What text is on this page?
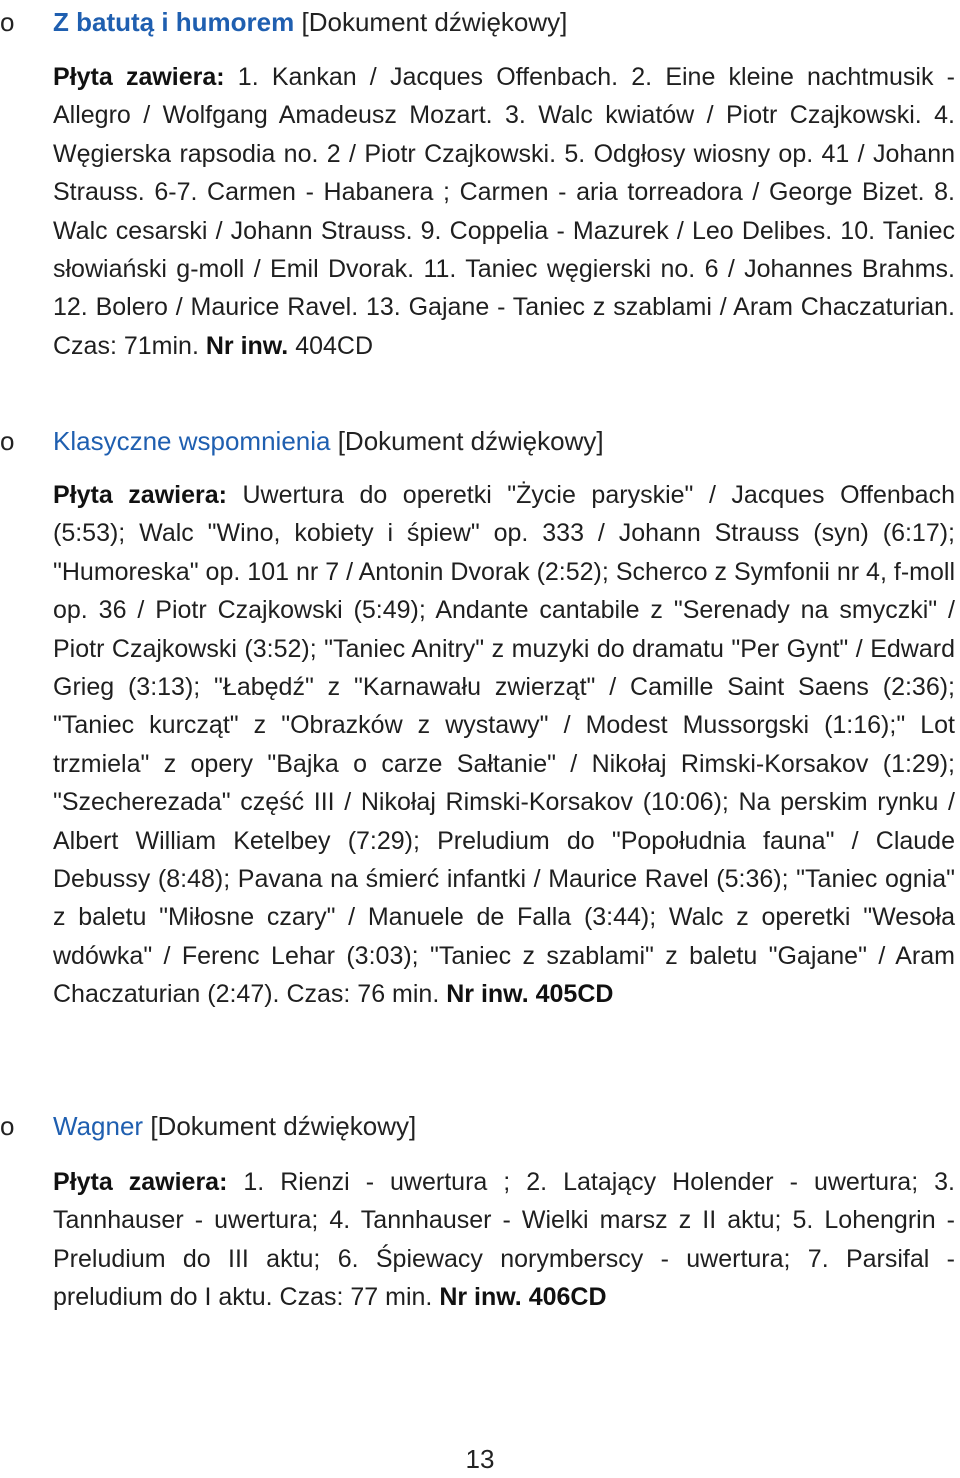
o Z batutą i humorem [Dokument dźwiękowy]
Płyta zawiera: 1. Kankan / Jacques Offenbach. 2. Eine kleine nachtmusik - Allegro / Wolfgang Amadeusz Mozart. 3. Walc kwiatów / Piotr Czajkowski. 4. Węgierska rapsodia no. 2 / Piotr Czajkowski. 5. Odgłosy wiosny op. 41 / Johann Strauss. 6-7. Carmen - Habanera ; Carmen - aria torreadora / George Bizet. 8. Walc cesarski / Johann Strauss. 9. Coppelia - Mazurek / Leo Delibes. 10. Taniec słowiański g-moll / Emil Dvorak. 11. Taniec węgierski no. 6 / Johannes Brahms. 12. Bolero / Maurice Ravel. 13. Gajane - Taniec z szablami / Aram Chaczaturian. Czas: 71min. Nr inw. 404CD
o Klasyczne wspomnienia [Dokument dźwiękowy]
Płyta zawiera: Uwertura do operetki "Życie paryskie" / Jacques Offenbach (5:53); Walc "Wino, kobiety i śpiew" op. 333 / Johann Strauss (syn) (6:17); "Humoreska" op. 101 nr 7 / Antonin Dvorak (2:52); Scherco z Symfonii nr 4, f-moll op. 36 / Piotr Czajkowski (5:49); Andante cantabile z "Serenady na smyczki" / Piotr Czajkowski (3:52); "Taniec Anitry" z muzyki do dramatu "Per Gynt" / Edward Grieg (3:13); "Łabędź" z "Karnawału zwierząt" / Camille Saint Saens (2:36); "Taniec kurcząt" z "Obrazków z wystawy" / Modest Mussorgski (1:16);" Lot trzmiela" z opery "Bajka o carze Sałtanie" / Nikołaj Rimski-Korsakov (1:29); "Szecherezada" część III / Nikołaj Rimski-Korsakov (10:06); Na perskim rynku / Albert William Ketelbey (7:29); Preludium do "Popołudnia fauna" / Claude Debussy (8:48); Pavana na śmierć infantki / Maurice Ravel (5:36); "Taniec ognia" z baletu "Miłosne czary" / Manuele de Falla (3:44); Walc z operetki "Wesoła wdówka" / Ferenc Lehar (3:03); "Taniec z szablami" z baletu "Gajane" / Aram Chaczaturian (2:47). Czas: 76 min. Nr inw. 405CD
o Wagner [Dokument dźwiękowy]
Płyta zawiera: 1. Rienzi - uwertura ; 2. Latający Holender - uwertura; 3. Tannhauser - uwertura; 4. Tannhauser - Wielki marsz z II aktu; 5. Lohengrin - Preludium do III aktu; 6. Śpiewacy norymberscy - uwertura; 7. Parsifal - preludium do I aktu. Czas: 77 min. Nr inw. 406CD
13
